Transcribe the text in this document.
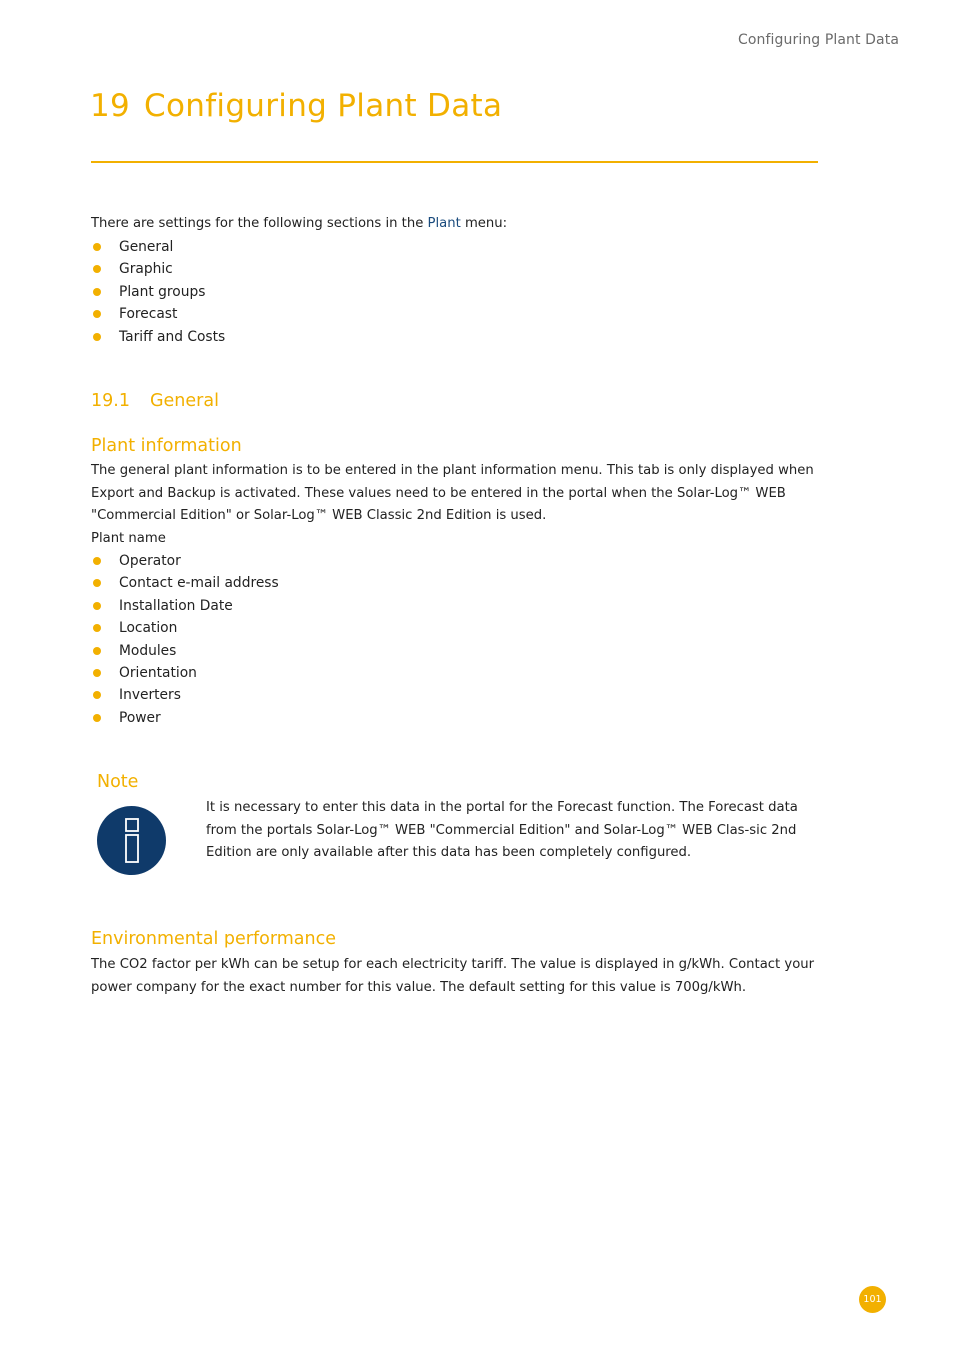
Configuring Plant Data
19 Configuring Plant Data

There are settings for the following sections in the Plant menu:

General
Graphic
Plant groups
Forecast
Tariff and Costs
19.1 General
Plant information

The general plant information is to be entered in the plant information menu. This tab is only displayed when Export and Backup is activated. These values need to be entered in the portal when the Solar-Log™ WEB "Commercial Edition" or Solar-Log™ WEB Classic 2nd Edition is used.

Plant name

Operator
Contact e-mail address
Installation Date
Location
Modules
Orientation
Inverters
Power
Note

It is necessary to enter this data in the portal for the Forecast function. The Forecast data from the portals Solar-Log™ WEB "Commercial Edition" and Solar-Log™ WEB Clas-sic 2nd Edition are only available after this data has been completely configured.

Environmental performance

The CO2 factor per kWh can be setup for each electricity tariff. The value is displayed in g/kWh. Contact your power company for the exact number for this value. The default setting for this value is 700g/kWh.

101
